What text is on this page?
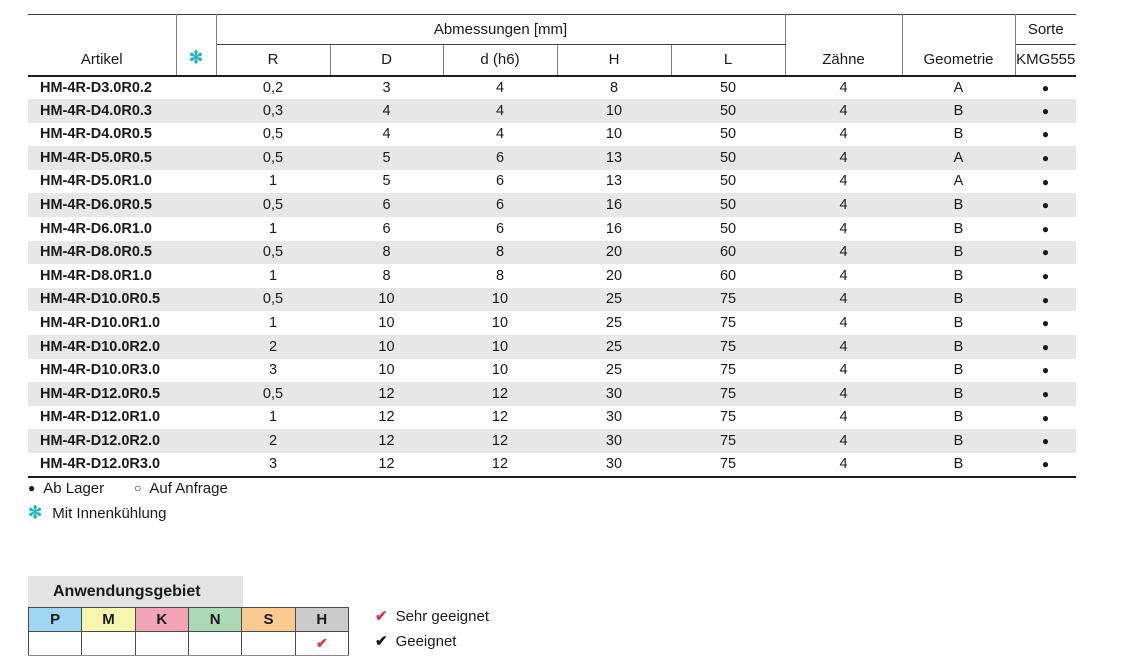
Artikel	✻	Abmessungen [mm]					Zähne	Geometrie	Sorte
		R	D	d (h6)	H	L			KMG555
HM-4R-D3.0R0.2		0,2	3	4	8	50	4	A	●
HM-4R-D4.0R0.3		0,3	4	4	10	50	4	B	●
HM-4R-D4.0R0.5		0,5	4	4	10	50	4	B	●
HM-4R-D5.0R0.5		0,5	5	6	13	50	4	A	●
HM-4R-D5.0R1.0		1	5	6	13	50	4	A	●
HM-4R-D6.0R0.5		0,5	6	6	16	50	4	B	●
HM-4R-D6.0R1.0		1	6	6	16	50	4	B	●
HM-4R-D8.0R0.5		0,5	8	8	20	60	4	B	●
HM-4R-D8.0R1.0		1	8	8	20	60	4	B	●
HM-4R-D10.0R0.5		0,5	10	10	25	75	4	B	●
HM-4R-D10.0R1.0		1	10	10	25	75	4	B	●
HM-4R-D10.0R2.0		2	10	10	25	75	4	B	●
HM-4R-D10.0R3.0		3	10	10	25	75	4	B	●
HM-4R-D12.0R0.5		0,5	12	12	30	75	4	B	●
HM-4R-D12.0R1.0		1	12	12	30	75	4	B	●
HM-4R-D12.0R2.0		2	12	12	30	75	4	B	●
HM-4R-D12.0R3.0		3	12	12	30	75	4	B	●
● Ab Lager	○ Auf Anfrage
✻ Mit Innenkühlung
Anwendungsgebiet
P	M	K	N	S	H
					✔
✔ Sehr geeignet
✔ Geeignet
